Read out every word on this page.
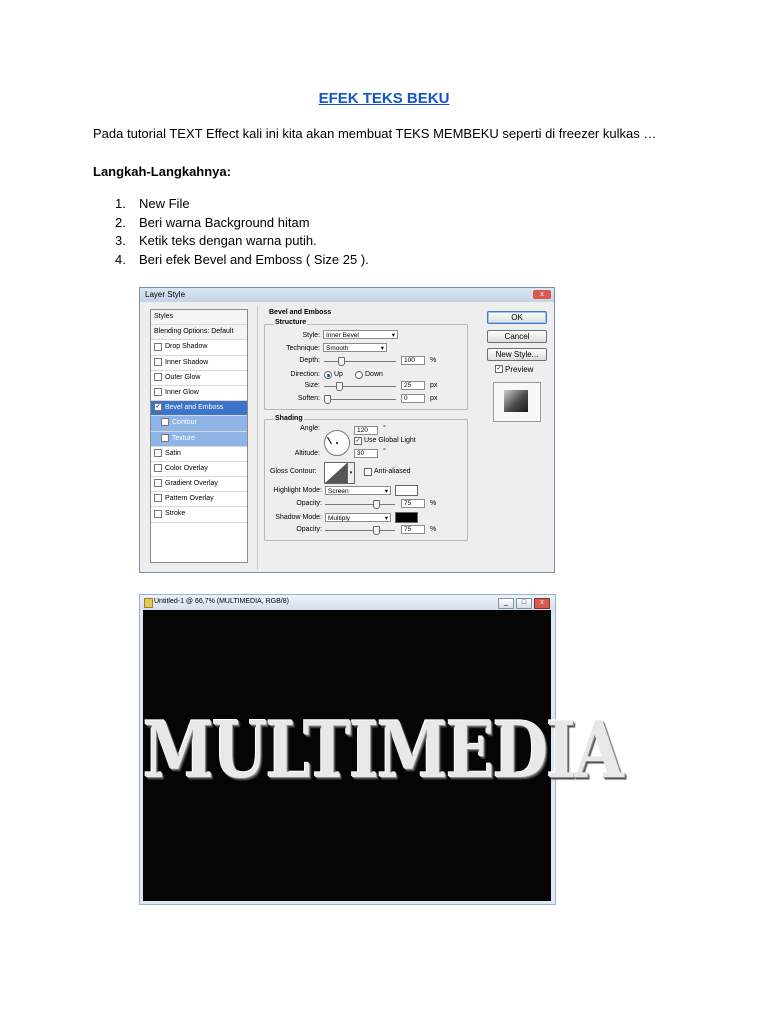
EFEK TEKS BEKU
Pada tutorial TEXT Effect kali ini kita akan membuat TEKS MEMBEKU seperti di freezer kulkas …
Langkah-Langkahnya:
1. New File
2. Beri warna Background hitam
3. Ketik teks dengan warna putih.
4. Beri efek Bevel and Emboss ( Size 25 ).
Layer Style	x
Styles
Blending Options: Default
Drop Shadow
Inner Shadow
Outer Glow
Inner Glow
✓ Bevel and Emboss
Contour
Texture
Satin
Color Overlay
Gradient Overlay
Pattern Overlay
Stroke
Bevel and Emboss
Structure
Style: Inner Bevel	▾
Technique: Smooth	▾
Depth:	100	%
Direction: Up	Down
Size:	25	px
Soften:	0	px
Shading
Angle:	120	°
✓ Use Global Light
Altitude:	30	°
Gloss Contour:	▾	Anti-aliased
Highlight Mode: Screen	▾
Opacity:	75	%
Shadow Mode: Multiply	▾
Opacity:	75	%
OK
Cancel
New Style...
✓ Preview
Untitled-1 @ 66,7% (MULTIMEDIA, RGB/8)	_	□	x
MULTIMEDIA
